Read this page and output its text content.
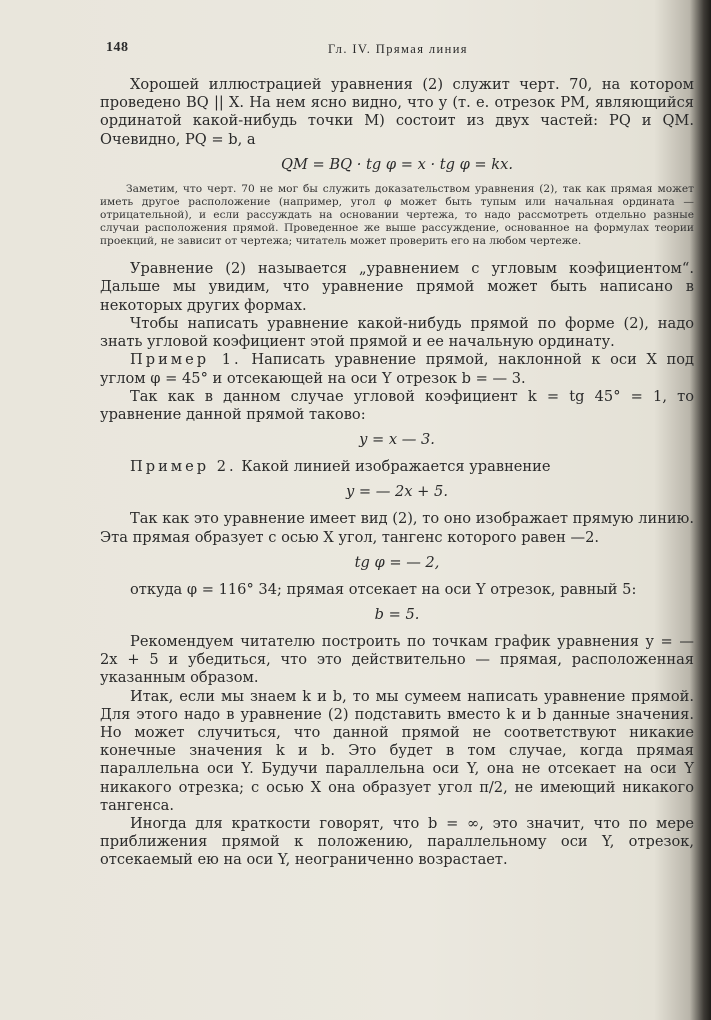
148	Гл. IV. Прямая линия

Хорошей иллюстрацией уравнения (2) служит черт. 70, на котором проведено BQ || X. На нем ясно видно, что y (т. е. отрезок PM, являющийся ординатой какой-нибудь точки M) состоит из двух частей: PQ и QM. Очевидно, PQ = b, а

QM = BQ · tg φ = x · tg φ = kx.

Заметим, что черт. 70 не мог бы служить доказательством уравнения (2), так как прямая может иметь другое расположение (например, угол φ может быть тупым или начальная ордината — отрицательной), и если рассуждать на основании чертежа, то надо рассмотреть отдельно разные случаи расположения прямой. Проведенное же выше рассуждение, основанное на формулах теории проекций, не зависит от чертежа; читатель может проверить его на любом чертеже.

Уравнение (2) называется „уравнением с угловым коэфициентом“. Дальше мы увидим, что уравнение прямой может быть написано в некоторых других формах.

Чтобы написать уравнение какой-нибудь прямой по форме (2), надо знать угловой коэфициент этой прямой и ее начальную ординату.

Пример 1. Написать уравнение прямой, наклонной к оси X под углом φ = 45° и отсекающей на оси Y отрезок b = — 3.

Так как в данном случае угловой коэфициент k = tg 45° = 1, то уравнение данной прямой таково:

y = x — 3.

Пример 2. Какой линией изображается уравнение

y = — 2x + 5.

Так как это уравнение имеет вид (2), то оно изображает прямую линию. Эта прямая образует с осью X угол, тангенс которого равен —2.

tg φ = — 2,

откуда φ = 116° 34; прямая отсекает на оси Y отрезок, равный 5:

b = 5.

Рекомендуем читателю построить по точкам график уравнения y = — 2x + 5 и убедиться, что это действительно — прямая, расположенная указанным образом.

Итак, если мы знаем k и b, то мы сумеем написать уравнение прямой. Для этого надо в уравнение (2) подставить вместо k и b данные значения. Но может случиться, что данной прямой не соответствуют никакие конечные значения k и b. Это будет в том случае, когда прямая параллельна оси Y. Будучи параллельна оси Y, она не отсекает на оси Y никакого отрезка; с осью X она образует угол π/2, не имеющий никакого тангенса.

Иногда для краткости говорят, что b = ∞, это значит, что по мере приближения прямой к положению, параллельному оси Y, отрезок, отсекаемый ею на оси Y, неограниченно возрастает.
